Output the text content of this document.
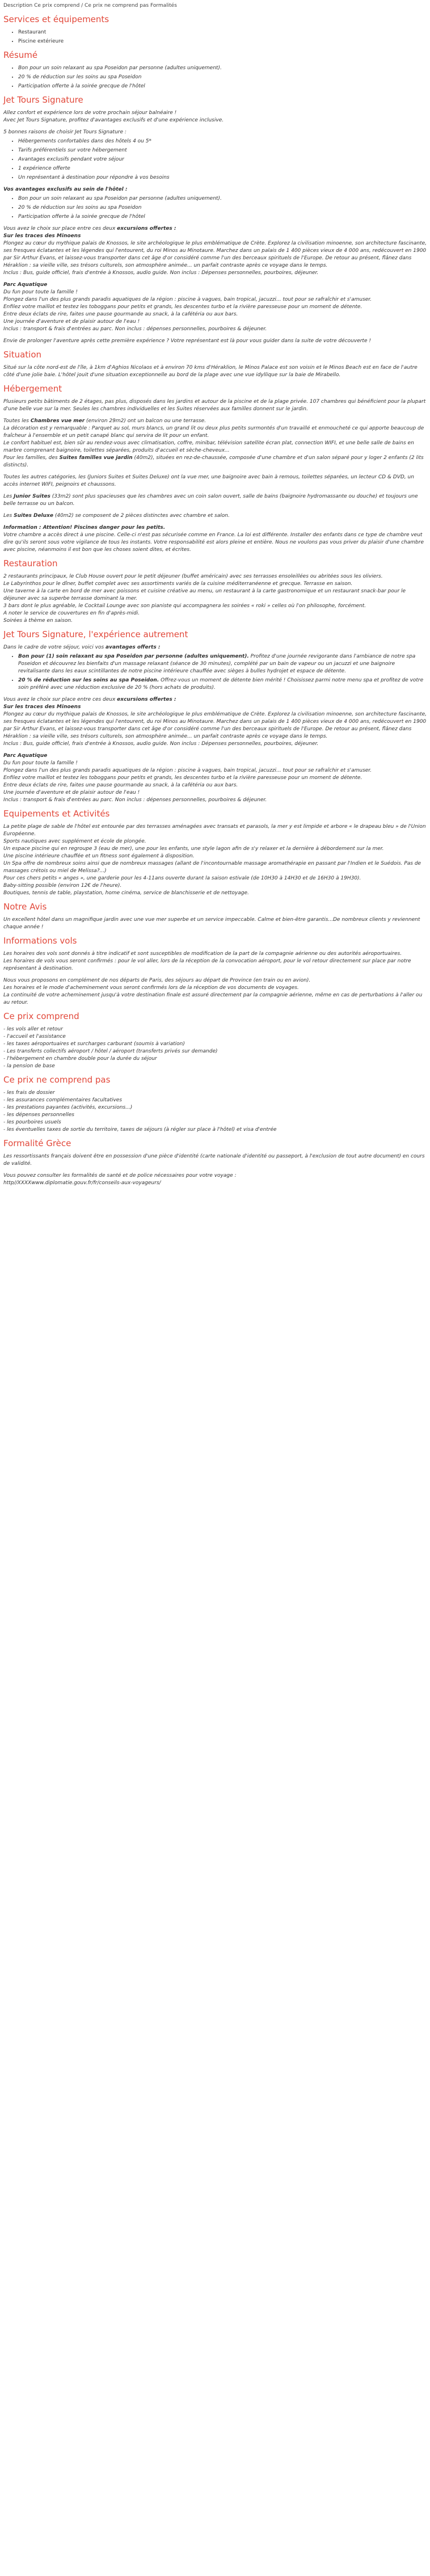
Description Ce prix comprend / Ce prix ne comprend pas Formalités
Services et équipements
• Restaurant
• Piscine extérieure
Résumé
• Bon pour un soin relaxant au spa Poseidon par personne (adultes uniquement).
• 20 % de réduction sur les soins au spa Poseidon
• Participation offerte à la soirée grecque de l'hôtel
Jet Tours Signature

Allez confort et expérience lors de votre prochain séjour balnéaire !
Avec Jet Tours Signature, profitez d'avantages exclusifs et d'une expérience inclusive.

5 bonnes raisons de choisir Jet Tours Signature :

• Hébergements confortables dans des hôtels 4 ou 5*
• Tarifs préférentiels sur votre hébergement
• Avantages exclusifs pendant votre séjour
• 1 expérience offerte
• Un représentant à destination pour répondre à vos besoins

Vos avantages exclusifs au sein de l'hôtel :

• Bon pour un soin relaxant au spa Poseidon par personne (adultes uniquement).
• 20 % de réduction sur les soins au spa Poseidon
• Participation offerte à la soirée grecque de l'hôtel

Vous avez le choix sur place entre ces deux excursions offertes :
Sur les traces des Minoens
Plongez au cœur du mythique palais de Knossos, le site archéologique le plus emblématique de Crète. Explorez la civilisation minoenne, son architecture fascinante, ses fresques éclatantes et les légendes qui l'entourent, du roi Minos au Minotaure. Marchez dans un palais de 1 400 pièces vieux de 4 000 ans, redécouvert en 1900 par Sir Arthur Evans, et laissez-vous transporter dans cet âge d'or considéré comme l'un des berceaux spirituels de l'Europe. De retour au présent, flânez dans Héraklion : sa vieille ville, ses trésors culturels, son atmosphère animée... un parfait contraste après ce voyage dans le temps.
Inclus : Bus, guide officiel, frais d'entrée à Knossos, audio guide. Non inclus : Dépenses personnelles, pourboires, déjeuner.

Parc Aquatique
Du fun pour toute la famille !
Plongez dans l'un des plus grands paradis aquatiques de la région : piscine à vagues, bain tropical, jacuzzi... tout pour se rafraîchir et s'amuser.
Enfilez votre maillot et testez les toboggans pour petits et grands, les descentes turbo et la rivière paresseuse pour un moment de détente.
Entre deux éclats de rire, faites une pause gourmande au snack, à la cafétéria ou aux bars.
Une journée d'aventure et de plaisir autour de l'eau !
Inclus : transport & frais d'entrées au parc. Non inclus : dépenses personnelles, pourboires & déjeuner.

Envie de prolonger l'aventure après cette première expérience ? Votre représentant est là pour vous guider dans la suite de votre découverte !

Situation

Situé sur la côte nord-est de l'île, à 1km d'Aghios Nicolaos et à environ 70 kms d'Héraklion, le Minos Palace est son voisin et le Minos Beach est en face de l'autre côté d'une jolie baie. L'hôtel jouit d'une situation exceptionnelle au bord de la plage avec une vue idyllique sur la baie de Mirabello.

Hébergement

Plusieurs petits bâtiments de 2 étages, pas plus, disposés dans les jardins et autour de la piscine et de la plage privée. 107 chambres qui bénéficient pour la plupart d'une belle vue sur la mer. Seules les chambres individuelles et les Suites réservées aux familles donnent sur le jardin.

Toutes les Chambres vue mer (environ 29m2) ont un balcon ou une terrasse.
La décoration est y remarquable : Parquet au sol, murs blancs, un grand lit ou deux plus petits surmontés d'un travaillé et enmoucheté ce qui apporte beaucoup de fraîcheur à l'ensemble et un petit canapé blanc qui servira de lit pour un enfant.
Le confort habituel est, bien sûr au rendez-vous avec climatisation, coffre, minibar, télévision satellite écran plat, connection WIFI, et une belle salle de bains en marbre comprenant baignoire, toilettes séparées, produits d'accueil et sèche-cheveux...
Pour les familles, des Suites familles vue jardin (40m2), situées en rez-de-chaussée, composée d'une chambre et d'un salon séparé pour y loger 2 enfants (2 lits distincts).

Toutes les autres catégories, les (Juniors Suites et Suites Deluxe) ont la vue mer, une baignoire avec bain à remous, toilettes séparées, un lecteur CD & DVD, un accès internet WIFI, peignoirs et chaussons.

Les Junior Suites (33m2) sont plus spacieuses que les chambres avec un coin salon ouvert, salle de bains (baignoire hydromassante ou douche) et toujours une belle terrasse ou un balcon.

Les Suites Deluxe (40m2) se composent de 2 pièces distinctes avec chambre et salon.

Information : Attention! Piscines danger pour les petits.
Votre chambre a accès direct à une piscine. Celle-ci n'est pas sécurisée comme en France. La loi est différente. Installer des enfants dans ce type de chambre veut dire qu'ils seront sous votre vigilance de tous les instants. Votre responsabilité est alors pleine et entière. Nous ne voulons pas vous priver du plaisir d'une chambre avec piscine, néanmoins il est bon que les choses soient dites, et écrites.

Restauration

2 restaurants principaux, le Club House ouvert pour le petit déjeuner (buffet américain) avec ses terrasses ensoleillées ou abritées sous les oliviers.
Le Labyrinthos pour le dîner, buffet complet avec ses assortiments variés de la cuisine méditerranéenne et grecque. Terrasse en saison.
Une taverne à la carte en bord de mer avec poissons et cuisine créative au menu, un restaurant à la carte gastronomique et un restaurant snack-bar pour le déjeuner avec sa superbe terrasse dominant la mer.
3 bars dont le plus agréable, le Cocktail Lounge avec son pianiste qui accompagnera les soirées « roki » celles où l'on philosophe, forcément.
A noter le service de couvertures en fin d'après-midi.
Soirées à thème en saison.

Jet Tours Signature, l'expérience autrement

Dans le cadre de votre séjour, voici vos avantages offerts :

• Bon pour (1) soin relaxant au spa Poseidon par personne (adultes uniquement). Profitez d'une journée revigorante dans l'ambiance de notre spa Poseidon et découvrez les bienfaits d'un massage relaxant (séance de 30 minutes), complété par un bain de vapeur ou un jacuzzi et une baignoire revitalisante dans les eaux scintillantes de notre piscine intérieure chauffée avec sièges à bulles hydrojet et espace de détente.
• 20 % de réduction sur les soins au spa Poseidon. Offrez-vous un moment de détente bien mérité ! Choisissez parmi notre menu spa et profitez de votre soin préféré avec une réduction exclusive de 20 % (hors achats de produits).

Vous avez le choix sur place entre ces deux excursions offertes :
Sur les traces des Minoens
Plongez au cœur du mythique palais de Knossos, le site archéologique le plus emblématique de Crète. Explorez la civilisation minoenne, son architecture fascinante, ses fresques éclatantes et les légendes qui l'entourent, du roi Minos au Minotaure. Marchez dans un palais de 1 400 pièces vieux de 4 000 ans, redécouvert en 1900 par Sir Arthur Evans, et laissez-vous transporter dans cet âge d'or considéré comme l'un des berceaux spirituels de l'Europe. De retour au présent, flânez dans Héraklion : sa vieille ville, ses trésors culturels, son atmosphère animée... un parfait contraste après ce voyage dans le temps.
Inclus : Bus, guide officiel, frais d'entrée à Knossos, audio guide. Non inclus : Dépenses personnelles, pourboires, déjeuner.

Parc Aquatique
Du fun pour toute la famille !
Plongez dans l'un des plus grands paradis aquatiques de la région : piscine à vagues, bain tropical, jacuzzi... tout pour se rafraîchir et s'amuser.
Enfilez votre maillot et testez les toboggans pour petits et grands, les descentes turbo et la rivière paresseuse pour un moment de détente.
Entre deux éclats de rire, faites une pause gourmande au snack, à la cafétéria ou aux bars.
Une journée d'aventure et de plaisir autour de l'eau !
Inclus : transport & frais d'entrées au parc. Non inclus : dépenses personnelles, pourboires & déjeuner.

Equipements et Activités

La petite plage de sable de l'hôtel est entourée par des terrasses aménagées avec transats et parasols, la mer y est limpide et arbore « le drapeau bleu » de l'Union Européenne.
Sports nautiques avec supplément et école de plongée.
Un espace piscine qui en regroupe 3 (eau de mer), une pour les enfants, une style lagon afin de s'y relaxer et la dernière à débordement sur la mer.
Une piscine intérieure chauffée et un fitness sont également à disposition.
Un Spa offre de nombreux soins ainsi que de nombreux massages (allant de l'incontournable massage aromathérapie en passant par l'Indien et le Suédois. Pas de massages crétois ou miel de Melissa?...)
Pour ces chers petits « anges », une garderie pour les 4-11ans ouverte durant la saison estivale (de 10H30 à 14H30 et de 16H30 à 19H30).
Baby-sitting possible (environ 12€ de l'heure).
Boutiques, tennis de table, playstation, home cinéma, service de blanchisserie et de nettoyage.

Notre Avis

Un excellent hôtel dans un magnifique jardin avec une vue mer superbe et un service impeccable. Calme et bien-être garantis...De nombreux clients y reviennent chaque année !

Informations vols

Les horaires des vols sont donnés à titre indicatif et sont susceptibles de modification de la part de la compagnie aérienne ou des autorités aéroportuaires.
Les horaires de vols vous seront confirmés : pour le vol aller, lors de la réception de la convocation aéroport, pour le vol retour directement sur place par notre représentant à destination.

Nous vous proposons en complément de nos départs de Paris, des séjours au départ de Province (en train ou en avion).
Les horaires et le mode d'acheminement vous seront confirmés lors de la réception de vos documents de voyages.
La continuité de votre acheminement jusqu'à votre destination finale est assuré directement par la compagnie aérienne, même en cas de perturbations à l'aller ou au retour.

Ce prix comprend

- les vols aller et retour
- l'accueil et l'assistance
- les taxes aéroportuaires et surcharges carburant (soumis à variation)
- Les transferts collectifs aéroport / hôtel / aéroport (transferts privés sur demande)
- l'hébergement en chambre double pour la durée du séjour
- la pension de base

Ce prix ne comprend pas

- les frais de dossier
- les assurances complémentaires facultatives
- les prestations payantes (activités, excursions...)
- les dépenses personnelles
- les pourboires usuels
- les éventuelles taxes de sortie du territoire, taxes de séjours (à régler sur place à l'hôtel) et visa d'entrée

Formalité Grèce

Les ressortissants français doivent être en possession d'une pièce d'identité (carte nationale d'identité ou passeport, à l'exclusion de tout autre document) en cours de validité.

Vous pouvez consulter les formalités de santé et de police nécessaires pour votre voyage :
http//XXXXwww.diplomatie.gouv.fr/fr/conseils-aux-voyageurs/
